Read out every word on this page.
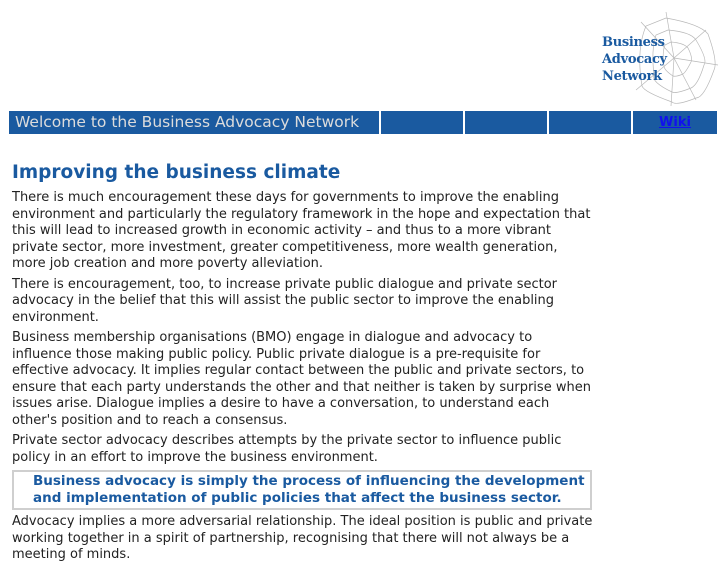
Business
Advocacy
Network
Welcome to the Business Advocacy Network	Wiki
Improving the business climate

There is much encouragement these days for governments to improve the enabling environment and particularly the regulatory framework in the hope and expectation that this will lead to increased growth in economic activity – and thus to a more vibrant private sector, more investment, greater competitiveness, more wealth generation, more job creation and more poverty alleviation.

There is encouragement, too, to increase private public dialogue and private sector advocacy in the belief that this will assist the public sector to improve the enabling environment.

Business membership organisations (BMO) engage in dialogue and advocacy to influence those making public policy. Public private dialogue is a pre-requisite for effective advocacy. It implies regular contact between the public and private sectors, to ensure that each party understands the other and that neither is taken by surprise when issues arise. Dialogue implies a desire to have a conversation, to understand each other's position and to reach a consensus.

Private sector advocacy describes attempts by the private sector to influence public policy in an effort to improve the business environment.

Business advocacy is simply the process of influencing the development and implementation of public policies that affect the business sector.

Advocacy implies a more adversarial relationship. The ideal position is public and private working together in a spirit of partnership, recognising that there will not always be a meeting of minds.
